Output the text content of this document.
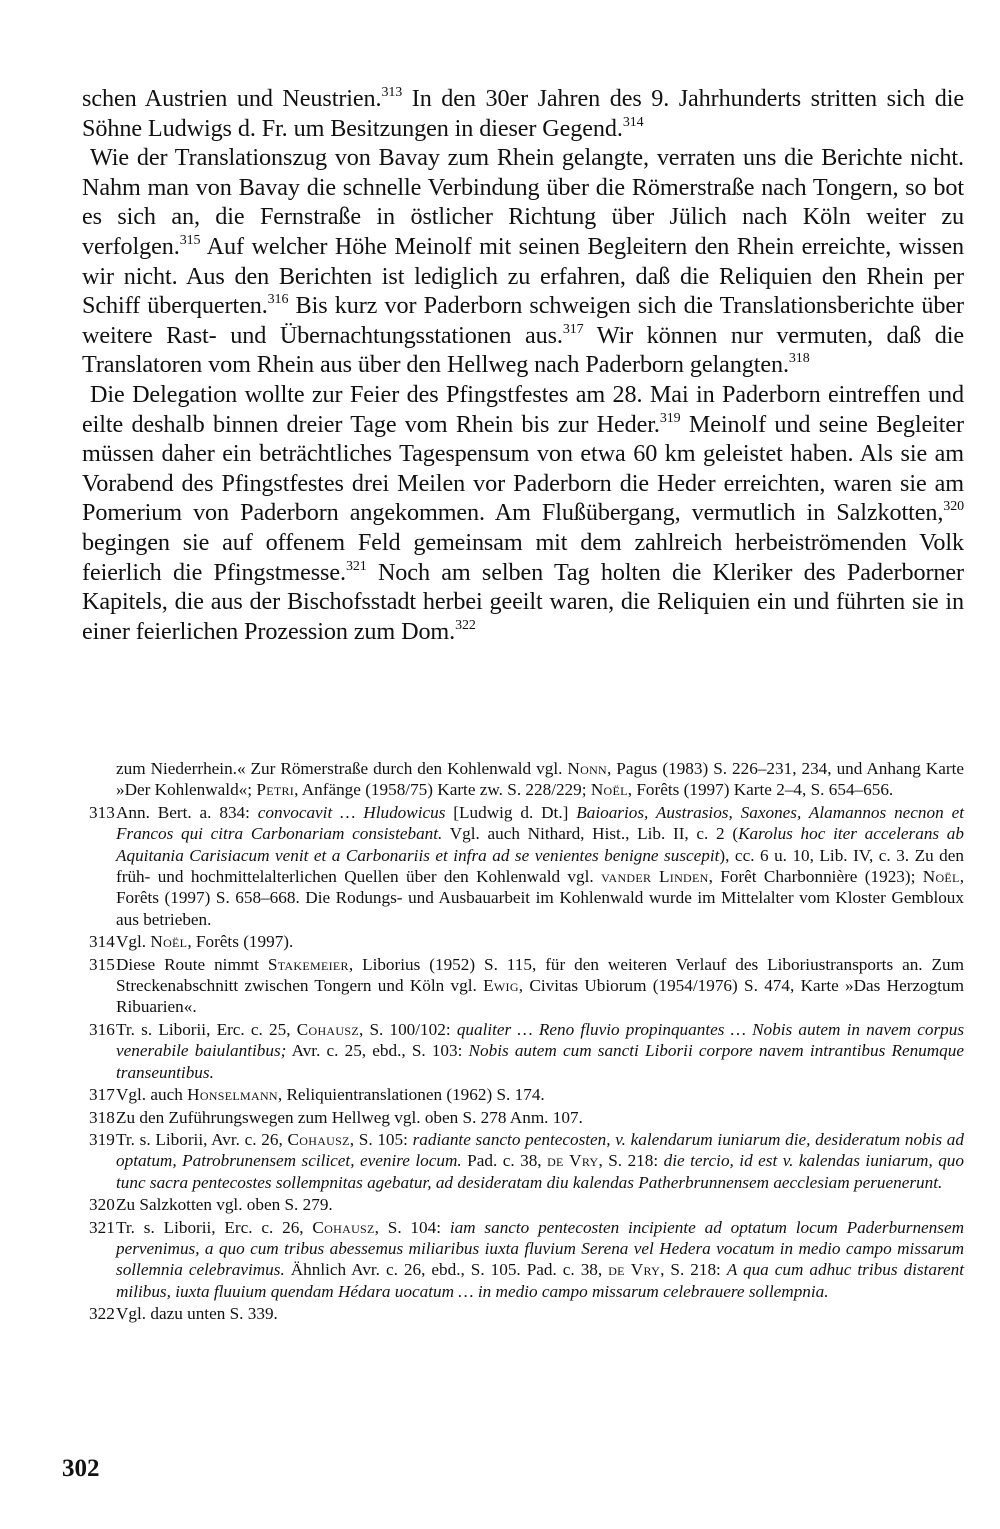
schen Austrien und Neustrien.$^{313}$ In den 30er Jahren des 9. Jahrhunderts stritten sich die Söhne Ludwigs d. Fr. um Besitzungen in dieser Gegend.$^{314}$

Wie der Translationszug von Bavay zum Rhein gelangte, verraten uns die Berichte nicht. Nahm man von Bavay die schnelle Verbindung über die Römerstraße nach Tongern, so bot es sich an, die Fernstraße in östlicher Richtung über Jülich nach Köln weiter zu verfolgen.$^{315}$ Auf welcher Höhe Meinolf mit seinen Begleitern den Rhein erreichte, wissen wir nicht. Aus den Berichten ist lediglich zu erfahren, daß die Reliquien den Rhein per Schiff überquerten.$^{316}$ Bis kurz vor Paderborn schweigen sich die Translationsberichte über weitere Rast- und Übernachtungsstationen aus.$^{317}$ Wir können nur vermuten, daß die Translatoren vom Rhein aus über den Hellweg nach Paderborn gelangten.$^{318}$

Die Delegation wollte zur Feier des Pfingstfestes am 28. Mai in Paderborn eintreffen und eilte deshalb binnen dreier Tage vom Rhein bis zur Heder.$^{319}$ Meinolf und seine Begleiter müssen daher ein beträchtliches Tagespensum von etwa 60 km geleistet haben. Als sie am Vorabend des Pfingstfestes drei Meilen vor Paderborn die Heder erreichten, waren sie am Pomerium von Paderborn angekommen. Am Flußübergang, vermutlich in Salzkotten,$^{320}$ begingen sie auf offenem Feld gemeinsam mit dem zahlreich herbeiströmenden Volk feierlich die Pfingstmesse.$^{321}$ Noch am selben Tag holten die Kleriker des Paderborner Kapitels, die aus der Bischofsstadt herbei geeilt waren, die Reliquien ein und führten sie in einer feierlichen Prozession zum Dom.$^{322}$

zum Niederrhein.« Zur Römerstraße durch den Kohlenwald vgl. Nonn, Pagus (1983) S. 226–231, 234, und Anhang Karte »Der Kohlenwald«; Petri, Anfänge (1958/75) Karte zw. S. 228/229; Noël, Forêts (1997) Karte 2–4, S. 654–656.
313 Ann. Bert. a. 834: convocavit … Hludowicus [Ludwig d. Dt.] Baioarios, Austrasios, Saxones, Alamannos necnon et Francos qui citra Carbonariam consistebant. Vgl. auch Nithard, Hist., Lib. II, c. 2 (Karolus hoc iter accelerans ab Aquitania Carisiacum venit et a Carbonariis et infra ad se venientes benigne suscepit), cc. 6 u. 10, Lib. IV, c. 3. Zu den früh- und hochmittelalterlichen Quellen über den Kohlenwald vgl. vander Linden, Forêt Charbonnière (1923); Noël, Forêts (1997) S. 658–668. Die Rodungs- und Ausbauarbeit im Kohlenwald wurde im Mittelalter vom Kloster Gembloux aus betrieben.
314 Vgl. Noël, Forêts (1997).
315 Diese Route nimmt Stakemeier, Liborius (1952) S. 115, für den weiteren Verlauf des Liboriustransports an. Zum Streckenabschnitt zwischen Tongern und Köln vgl. Ewig, Civitas Ubiorum (1954/1976) S. 474, Karte »Das Herzogtum Ribuarien«.
316 Tr. s. Liborii, Erc. c. 25, Cohausz, S. 100/102: qualiter … Reno fluvio propinquantes … Nobis autem in navem corpus venerabile baiulantibus; Avr. c. 25, ebd., S. 103: Nobis autem cum sancti Liborii corpore navem intrantibus Renumque transeuntibus.
317 Vgl. auch Honselmann, Reliquientranslationen (1962) S. 174.
318 Zu den Zuführungswegen zum Hellweg vgl. oben S. 278 Anm. 107.
319 Tr. s. Liborii, Avr. c. 26, Cohausz, S. 105: radiante sancto pentecosten, v. kalendarum iuniarum die, desideratum nobis ad optatum, Patrobrunensem scilicet, evenire locum. Pad. c. 38, de Vry, S. 218: die tercio, id est v. kalendas iuniarum, quo tunc sacra pentecostes sollempnitas agebatur, ad desideratam diu kalendas Patherbrunnensem aecclesiam peruenerunt.
320 Zu Salzkotten vgl. oben S. 279.
321 Tr. s. Liborii, Erc. c. 26, Cohausz, S. 104: iam sancto pentecosten incipiente ad optatum locum Paderburnensem pervenimus, a quo cum tribus abessemus miliaribus iuxta fluvium Serena vel Hedera vocatum in medio campo missarum sollemnia celebravimus. Ähnlich Avr. c. 26, ebd., S. 105. Pad. c. 38, de Vry, S. 218: A qua cum adhuc tribus distarent milibus, iuxta fluuium quendam Hédara uocatum … in medio campo missarum celebrauere sollempnia.
322 Vgl. dazu unten S. 339.
302
